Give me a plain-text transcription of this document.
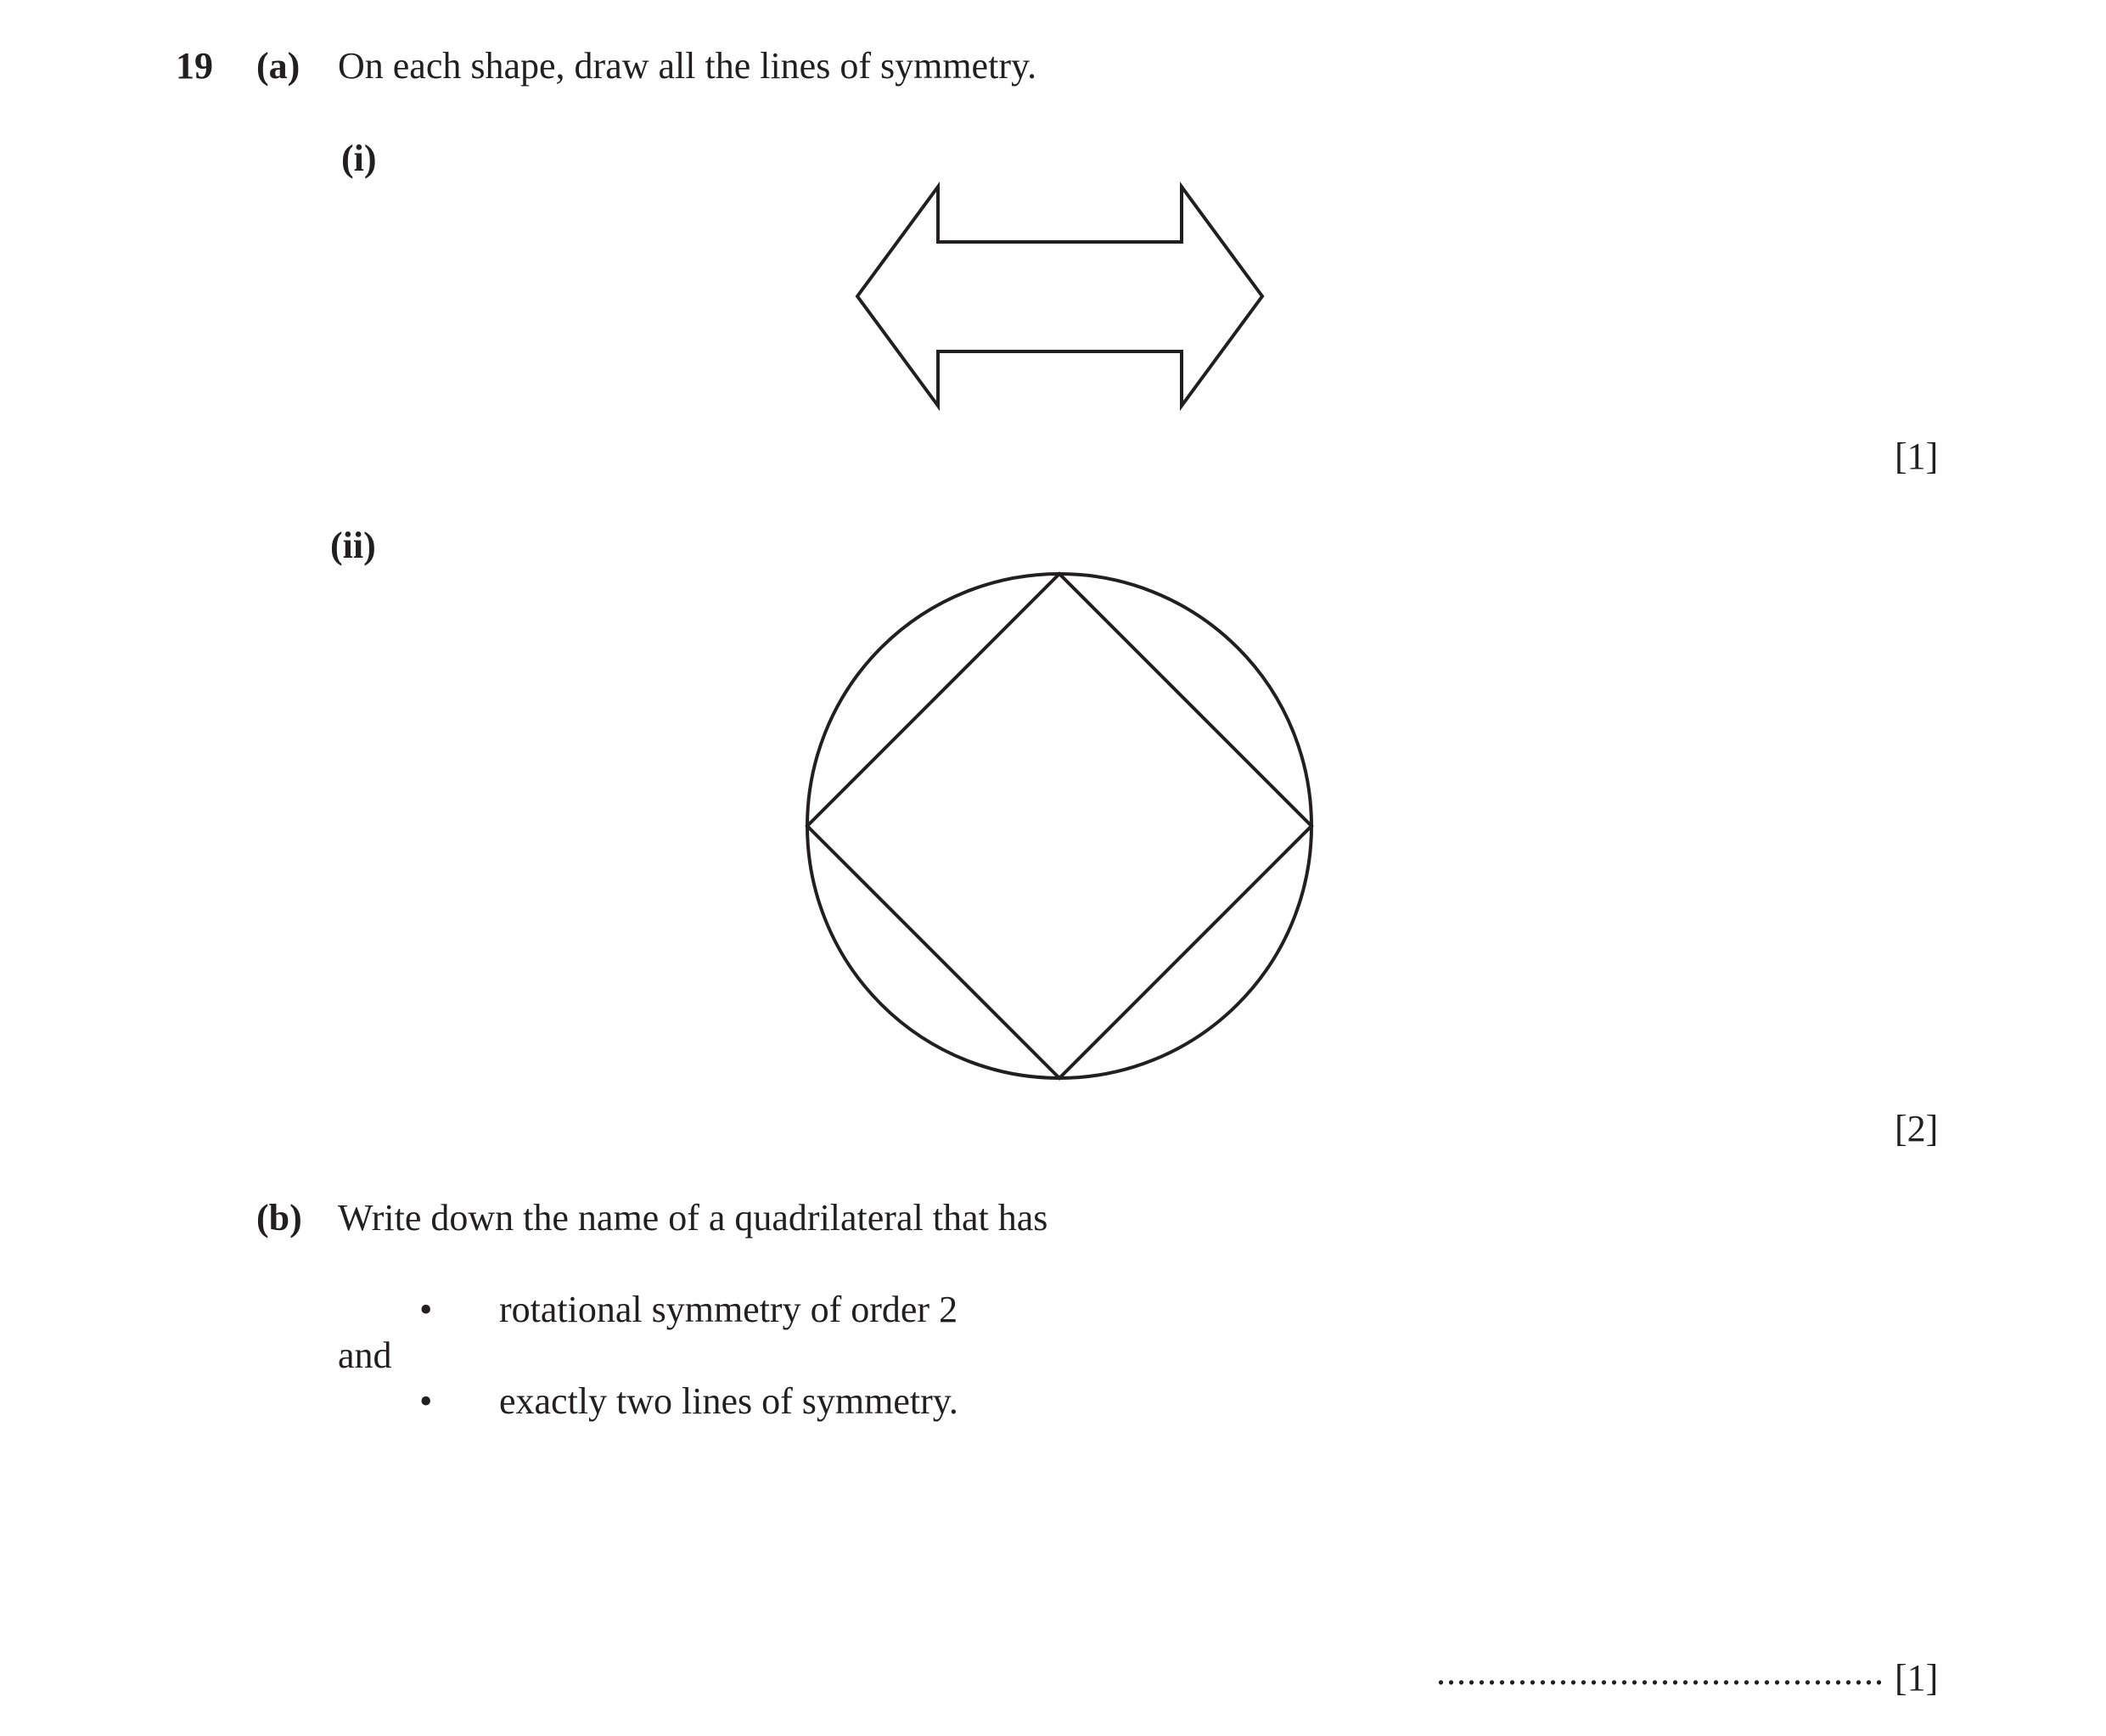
19 (a) On each shape, draw all the lines of symmetry.
(i)
[1]
(ii)
[2]
(b) Write down the name of a quadrilateral that has
• rotational symmetry of order 2
and
• exactly two lines of symmetry.
............................................ [1]
